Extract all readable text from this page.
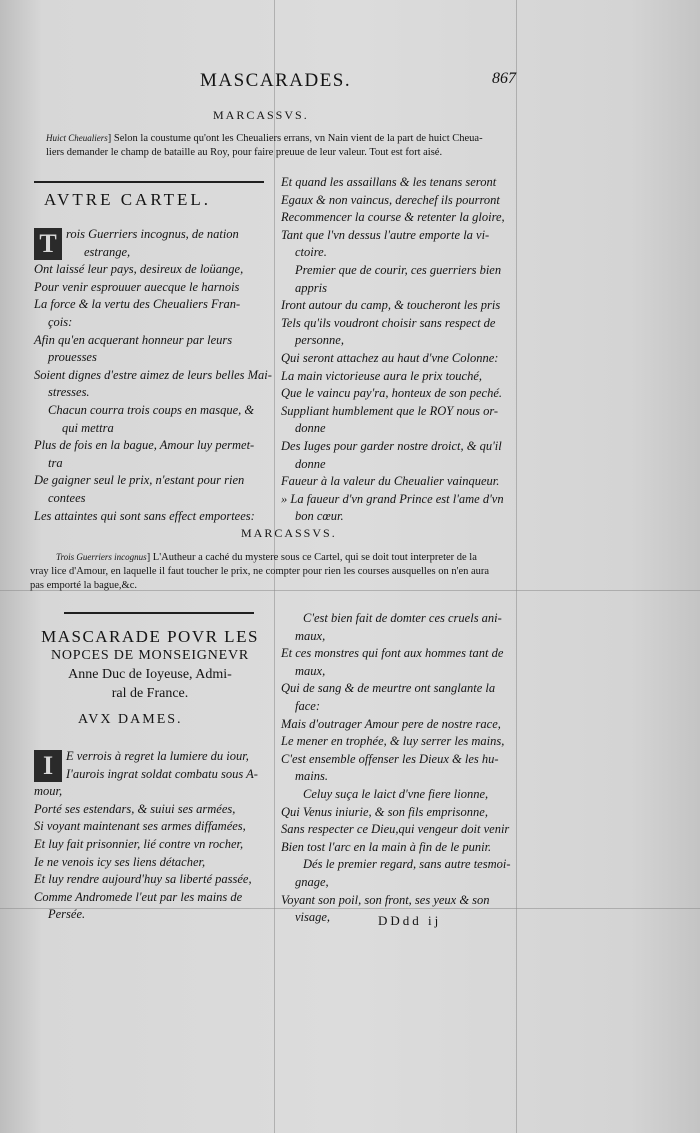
MASCARADES.	867
MARCASSVS.
Huict Cheualiers] Selon la coustume qu'ont les Cheualiers errans, vn Nain vient de la part de huict Cheua-
liers demander le champ de bataille au Roy, pour faire preuue de leur valeur. Tout est fort aisé.
AVTRE CARTEL.
T rois Guerriers incognus, de nation
estrange,
Ont laissé leur pays, desireux de loüange,
Pour venir esprouuer auecque le harnois
La force & la vertu des Cheualiers Fran-
çois:
Afin qu'en acquerant honneur par leurs
prouesses
Soient dignes d'estre aimez de leurs belles Mai-
stresses.
Chacun courra trois coups en masque, &
qui mettra
Plus de fois en la bague, Amour luy permet-
tra
De gaigner seul le prix, n'estant pour rien
contees
Les attaintes qui sont sans effect emportees:
Et quand les assaillans & les tenans seront
Egaux & non vaincus, derechef ils pourront
Recommencer la course & retenter la gloire,
Tant que l'vn dessus l'autre emporte la vi-
ctoire.
Premier que de courir, ces guerriers bien
appris
Iront autour du camp, & toucheront les pris
Tels qu'ils voudront choisir sans respect de
personne,
Qui seront attachez au haut d'vne Colonne:
La main victorieuse aura le prix touché,
Que le vaincu pay'ra, honteux de son peché.
Suppliant humblement que le ROY nous or-
donne
Des Iuges pour garder nostre droict, & qu'il
donne
Faueur à la valeur du Cheualier vainqueur.
» La faueur d'vn grand Prince est l'ame d'vn
bon cœur.
MARCASSVS.
Trois Guerriers incognus] L'Autheur a caché du mystere sous ce Cartel, qui se doit tout interpreter de la
vray lice d'Amour, en laquelle il faut toucher le prix, ne compter pour rien les courses ausquelles on n'en aura
pas emporté la bague,&c.
MASCARADE POVR LES
NOPCES DE MONSEIGNEVR
Anne Duc de Ioyeuse, Admi-
ral de France.
AVX DAMES.
I	E verrois à regret la lumiere du iour,
I'aurois ingrat soldat combatu sous A-
mour,
Porté ses estendars, & suiui ses armées,
Si voyant maintenant ses armes diffamées,
Et luy fait prisonnier, lié contre vn rocher,
Ie ne venois icy ses liens détacher,
Et luy rendre aujourd'huy sa liberté passée,
Comme Andromede l'eut par les mains de
Persée.
C'est bien fait de domter ces cruels ani-
maux,
Et ces monstres qui font aux hommes tant de
maux,
Qui de sang & de meurtre ont sanglante la
face:
Mais d'outrager Amour pere de nostre race,
Le mener en trophée, & luy serrer les mains,
C'est ensemble offenser les Dieux & les hu-
mains.
Celuy suça le laict d'vne fiere lionne,
Qui Venus iniurie, & son fils emprisonne,
Sans respecter ce Dieu,qui vengeur doit venir
Bien tost l'arc en la main à fin de le punir.
Dés le premier regard, sans autre tesmoi-
gnage,
Voyant son poil, son front, ses yeux & son
visage,	DDdd ij
